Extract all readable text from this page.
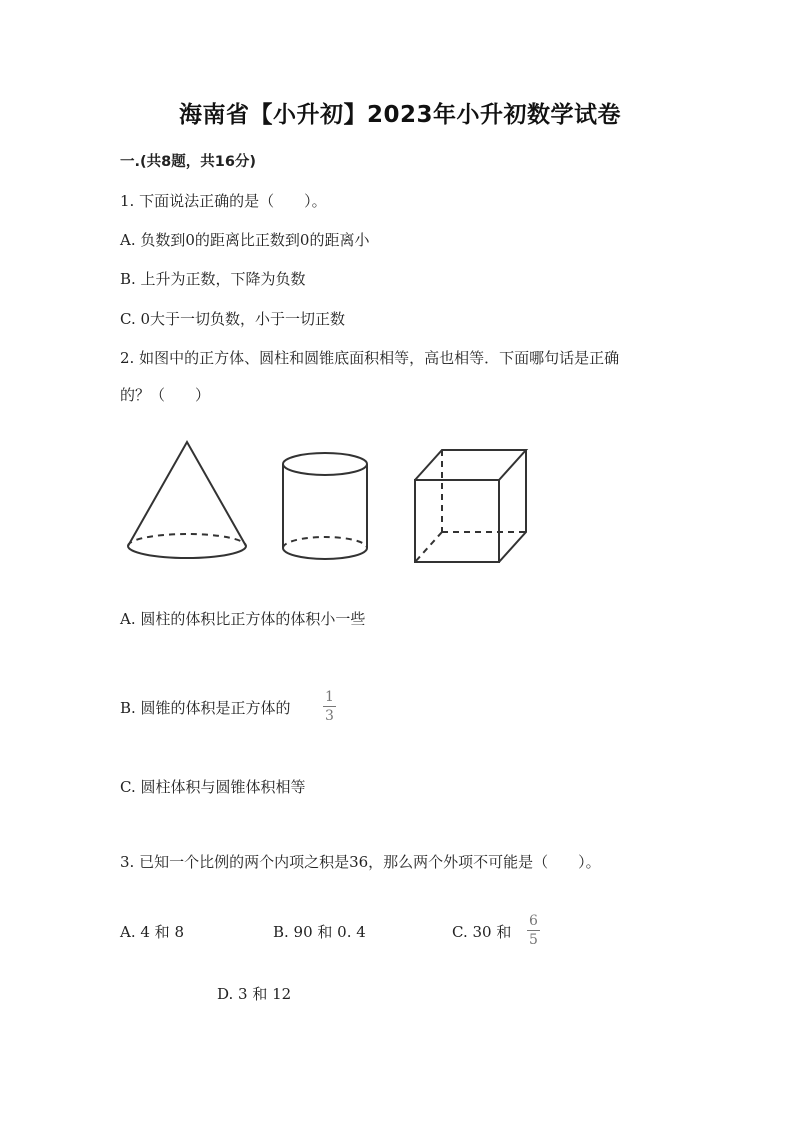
海南省【小升初】2023年小升初数学试卷
一.(共8题，共16分)
1. 下面说法正确的是（　　）。
A. 负数到0的距离比正数到0的距离小
B. 上升为正数，下降为负数
C. 0大于一切负数，小于一切正数
2. 如图中的正方体、圆柱和圆锥底面积相等，高也相等．下面哪句话是正确
的？（　　）
A. 圆柱的体积比正方体的体积小一些
B. 圆锥的体积是正方体的 $\frac{1}{3}$
C. 圆柱体积与圆锥体积相等
3. 已知一个比例的两个内项之积是36，那么两个外项不可能是（　　）。
A. 4 和 8	B. 90 和 0. 4	C. 30 和 $\frac{6}{5}$
D. 3 和 12
